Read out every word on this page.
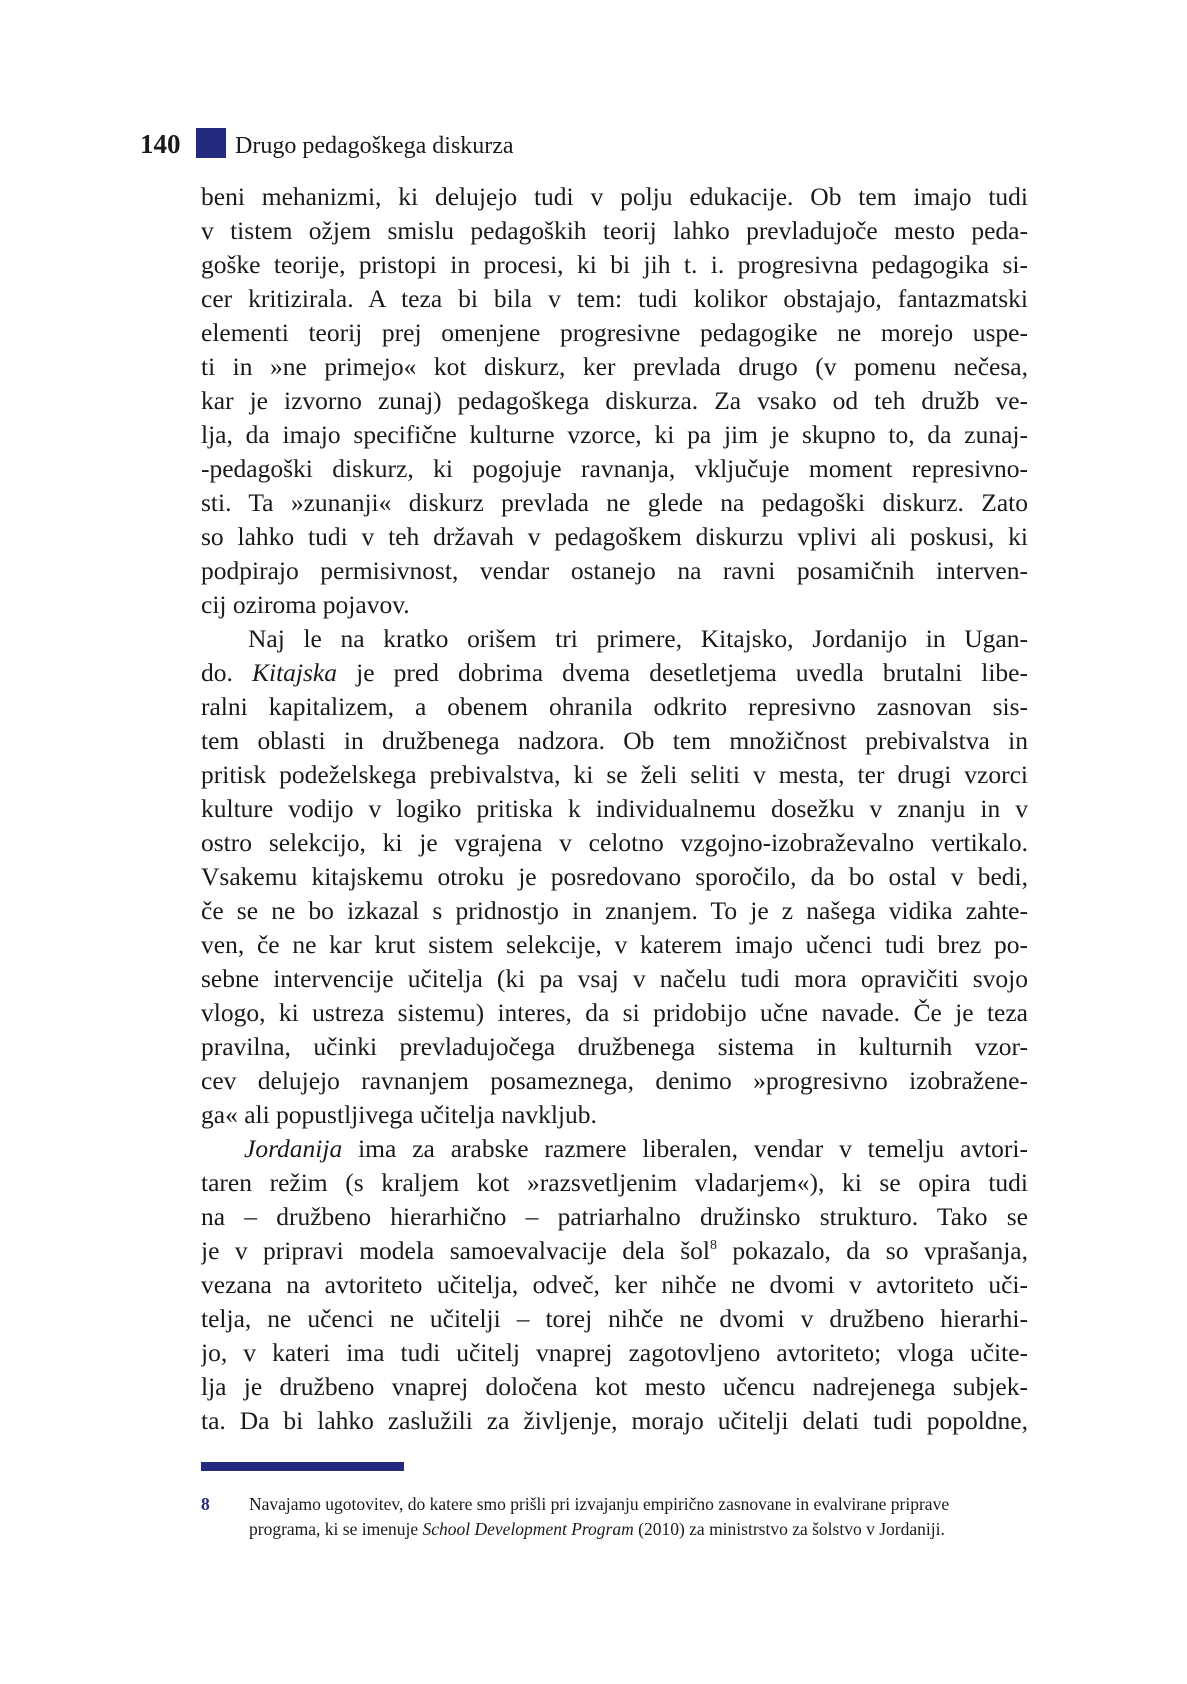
140	Drugo pedagoškega diskurza
beni mehanizmi, ki delujejo tudi v polju edukacije. Ob tem imajo tudi
v tistem ožjem smislu pedagoških teorij lahko prevladujoče mesto peda-
goške teorije, pristopi in procesi, ki bi jih t. i. progresivna pedagogika si-
cer kritizirala. A teza bi bila v tem: tudi kolikor obstajajo, fantazmatski
elementi teorij prej omenjene progresivne pedagogike ne morejo uspe-
ti in »ne primejo« kot diskurz, ker prevlada drugo (v pomenu nečesa,
kar je izvorno zunaj) pedagoškega diskurza. Za vsako od teh družb ve-
lja, da imajo specifične kulturne vzorce, ki pa jim je skupno to, da zunaj-
-pedagoški diskurz, ki pogojuje ravnanja, vključuje moment represivno-
sti. Ta »zunanji« diskurz prevlada ne glede na pedagoški diskurz. Zato
so lahko tudi v teh državah v pedagoškem diskurzu vplivi ali poskusi, ki
podpirajo permisivnost, vendar ostanejo na ravni posamičnih interven-
cij oziroma pojavov.
Naj le na kratko orišem tri primere, Kitajsko, Jordanijo in Ugan-
do. Kitajska je pred dobrima dvema desetletjema uvedla brutalni libe-
ralni kapitalizem, a obenem ohranila odkrito represivno zasnovan sis-
tem oblasti in družbenega nadzora. Ob tem množičnost prebivalstva in
pritisk podeželskega prebivalstva, ki se želi seliti v mesta, ter drugi vzorci
kulture vodijo v logiko pritiska k individualnemu dosežku v znanju in v
ostro selekcijo, ki je vgrajena v celotno vzgojno-izobraževalno vertikalo.
Vsakemu kitajskemu otroku je posredovano sporočilo, da bo ostal v bedi,
če se ne bo izkazal s pridnostjo in znanjem. To je z našega vidika zahte-
ven, če ne kar krut sistem selekcije, v katerem imajo učenci tudi brez po-
sebne intervencije učitelja (ki pa vsaj v načelu tudi mora opravičiti svojo
vlogo, ki ustreza sistemu) interes, da si pridobijo učne navade. Če je teza
pravilna, učinki prevladujočega družbenega sistema in kulturnih vzor-
cev delujejo ravnanjem posameznega, denimo »progresivno izobražene-
ga« ali popustljivega učitelja navkljub.
Jordanija ima za arabske razmere liberalen, vendar v temelju avtori-
taren režim (s kraljem kot »razsvetljenim vladarjem«), ki se opira tudi
na – družbeno hierarhično – patriarhalno družinsko strukturo. Tako se
je v pripravi modela samoevalvacije dela šol$^8$ pokazalo, da so vprašanja,
vezana na avtoriteto učitelja, odveč, ker nihče ne dvomi v avtoriteto uči-
telja, ne učenci ne učitelji – torej nihče ne dvomi v družbeno hierarhi-
jo, v kateri ima tudi učitelj vnaprej zagotovljeno avtoriteto; vloga učite-
lja je družbeno vnaprej določena kot mesto učencu nadrejenega subjek-
ta. Da bi lahko zaslužili za življenje, morajo učitelji delati tudi popoldne,
8 Navajamo ugotovitev, do katere smo prišli pri izvajanju empirično zasnovane in evalvirane priprave
programa, ki se imenuje School Development Program (2010) za ministrstvo za šolstvo v Jordaniji.
